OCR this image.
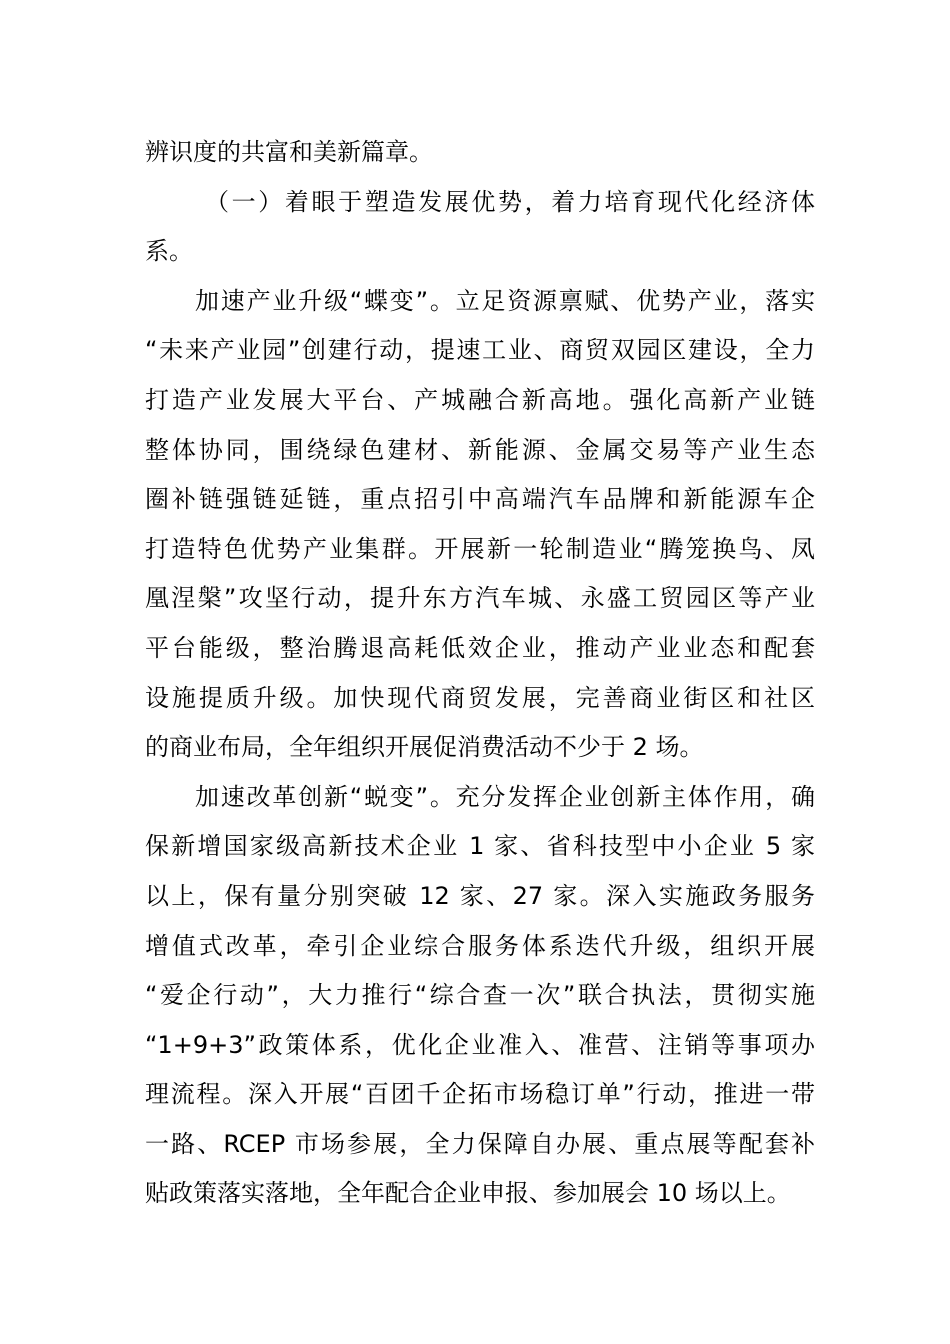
辨识度的共富和美新篇章。
（一）着眼于塑造发展优势，着力培育现代化经济体
系。
加速产业升级“蝶变”。立足资源禀赋、优势产业，落实
“未来产业园”创建行动，提速工业、商贸双园区建设，全力
打造产业发展大平台、产城融合新高地。强化高新产业链
整体协同，围绕绿色建材、新能源、金属交易等产业生态
圈补链强链延链，重点招引中高端汽车品牌和新能源车企
打造特色优势产业集群。开展新一轮制造业“腾笼换鸟、凤
凰涅槃”攻坚行动，提升东方汽车城、永盛工贸园区等产业
平台能级，整治腾退高耗低效企业，推动产业业态和配套
设施提质升级。加快现代商贸发展，完善商业街区和社区
的商业布局，全年组织开展促消费活动不少于 2 场。
加速改革创新“蜕变”。充分发挥企业创新主体作用，确
保新增国家级高新技术企业 1 家、省科技型中小企业 5 家
以上，保有量分别突破 12 家、27 家。深入实施政务服务
增值式改革，牵引企业综合服务体系迭代升级，组织开展
“爱企行动”，大力推行“综合查一次”联合执法，贯彻实施
“1+9+3”政策体系，优化企业准入、准营、注销等事项办
理流程。深入开展“百团千企拓市场稳订单”行动，推进一带
一路、RCEP 市场参展，全力保障自办展、重点展等配套补
贴政策落实落地，全年配合企业申报、参加展会 10 场以上。
